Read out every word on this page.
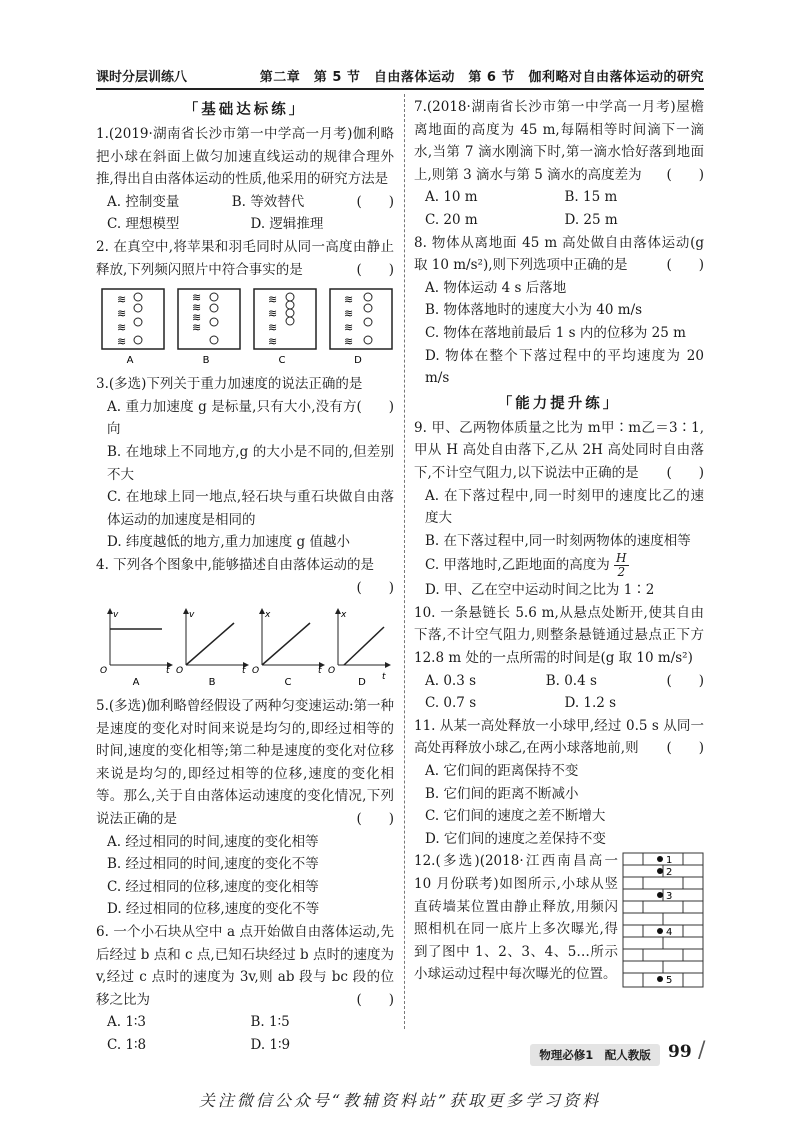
课时分层训练八	第二章　第 5 节　自由落体运动　第 6 节　伽利略对自由落体运动的研究
「基础达标练」
1.(2019·湖南省长沙市第一中学高一月考)伽利略把小球在斜面上做匀加速直线运动的规律合理外推,得出自由落体运动的性质,他采用的研究方法是
(　　)
A. 控制变量	B. 等效替代
C. 理想模型	D. 逻辑推理
2. 在真空中,将苹果和羽毛同时从同一高度由静止释放,下列频闪照片中符合事实的是	(　　)
≋
≋
≋
≋
≋
≋
≋
≋
≋
≋
≋
≋
≋
≋
≋
≋
A	B	C	D
3.(多选)下列关于重力加速度的说法正确的是
(　　)
A. 重力加速度 g 是标量,只有大小,没有方向
B. 在地球上不同地方,g 的大小是不同的,但差别不大
C. 在地球上同一地点,轻石块与重石块做自由落体运动的加速度是相同的
D. 纬度越低的地方,重力加速度 g 值越小
4. 下列各个图象中,能够描述自由落体运动的是
(　　)
v
t
O
A
v
t
O
B
x
t
O
C
x
t
O
D
5.(多选)伽利略曾经假设了两种匀变速运动:第一种是速度的变化对时间来说是均匀的,即经过相等的时间,速度的变化相等;第二种是速度的变化对位移来说是均匀的,即经过相等的位移,速度的变化相等。那么,关于自由落体运动速度的变化情况,下列说法正确的是	(　　)
A. 经过相同的时间,速度的变化相等
B. 经过相同的时间,速度的变化不等
C. 经过相同的位移,速度的变化相等
D. 经过相同的位移,速度的变化不等
6. 一个小石块从空中 a 点开始做自由落体运动,先后经过 b 点和 c 点,已知石块经过 b 点时的速度为 v,经过 c 点时的速度为 3v,则 ab 段与 bc 段的位移之比为	(　　)
A. 1∶3	B. 1∶5
C. 1∶8	D. 1∶9
7.(2018·湖南省长沙市第一中学高一月考)屋檐离地面的高度为 45 m,每隔相等时间滴下一滴水,当第 7 滴水刚滴下时,第一滴水恰好落到地面上,则第 3 滴水与第 5 滴水的高度差为 (　　)
A. 10 m	B. 15 m
C. 20 m	D. 25 m
8. 物体从离地面 45 m 高处做自由落体运动(g 取 10 m/s²),则下列选项中正确的是	(　　)
A. 物体运动 4 s 后落地
B. 物体落地时的速度大小为 40 m/s
C. 物体在落地前最后 1 s 内的位移为 25 m
D. 物体在整个下落过程中的平均速度为 20 m/s
「能力提升练」
9. 甲、乙两物体质量之比为 m甲∶m乙＝3∶1,甲从 H 高处自由落下,乙从 2H 高处同时自由落下,不计空气阻力,以下说法中正确的是 (　　)
A. 在下落过程中,同一时刻甲的速度比乙的速度大
B. 在下落过程中,同一时刻两物体的速度相等
C. 甲落地时,乙距地面的高度为 $\frac{H}{2}$
D. 甲、乙在空中运动时间之比为 1∶2
10. 一条悬链长 5.6 m,从悬点处断开,使其自由下落,不计空气阻力,则整条悬链通过悬点正下方 12.8 m 处的一点所需的时间是(g 取 10 m/s²)
(　　)
A. 0.3 s	B. 0.4 s
C. 0.7 s	D. 1.2 s
11. 从某一高处释放一小球甲,经过 0.5 s 从同一高处再释放小球乙,在两小球落地前,则 (　　)
A. 它们间的距离保持不变
B. 它们间的距离不断减小
C. 它们间的速度之差不断增大
D. 它们间的速度之差保持不变
1
2
3
4
5
12.(多选)(2018·江西南昌高一 10 月份联考)如图所示,小球从竖直砖墙某位置由静止释放,用频闪照相机在同一底片上多次曝光,得到了图中 1、2、3、4、5…所示小球运动过程中每次曝光的位置。
物理必修1　配人教版	99 /
关注微信公众号“教辅资料站”获取更多学习资料
